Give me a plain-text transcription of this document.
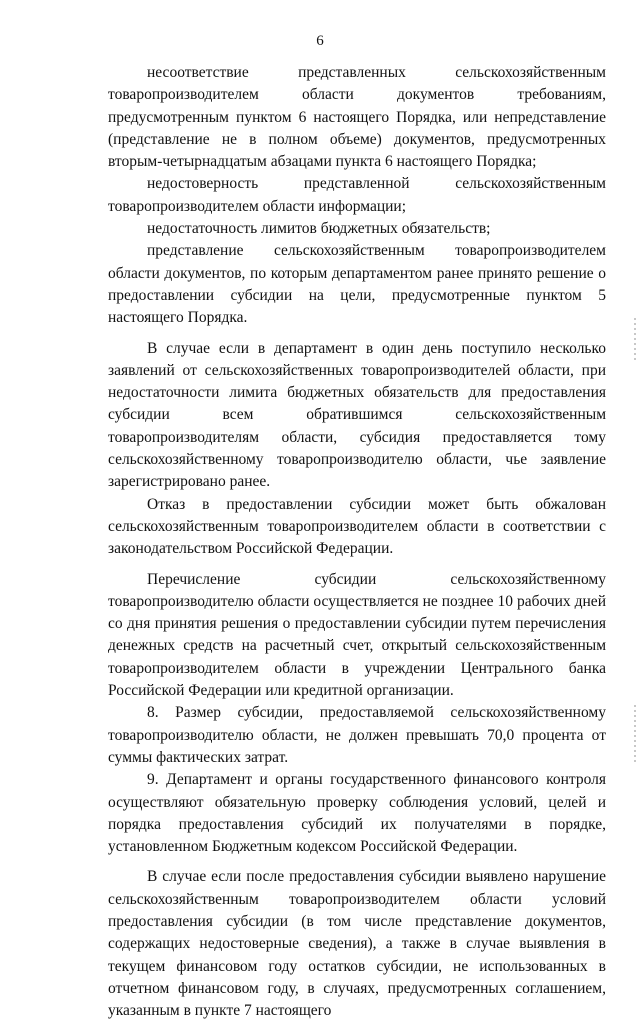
6

несоответствие представленных сельскохозяйственным товаропроизводителем области документов требованиям, предусмотренным пунктом 6 настоящего Порядка, или непредставление (представление не в полном объеме) документов, предусмотренных вторым-четырнадцатым абзацами пункта 6 настоящего Порядка;

недостоверность представленной сельскохозяйственным товаропроизводителем области информации;

недостаточность лимитов бюджетных обязательств;

представление сельскохозяйственным товаропроизводителем области документов, по которым департаментом ранее принято решение о предоставлении субсидии на цели, предусмотренные пунктом 5 настоящего Порядка.

В случае если в департамент в один день поступило несколько заявлений от сельскохозяйственных товаропроизводителей области, при недостаточности лимита бюджетных обязательств для предоставления субсидии всем обратившимся сельскохозяйственным товаропроизводителям области, субсидия предоставляется тому сельскохозяйственному товаропроизводителю области, чье заявление зарегистрировано ранее.

Отказ в предоставлении субсидии может быть обжалован сельскохозяйственным товаропроизводителем области в соответствии с законодательством Российской Федерации.

Перечисление субсидии сельскохозяйственному товаропроизводителю области осуществляется не позднее 10 рабочих дней со дня принятия решения о предоставлении субсидии путем перечисления денежных средств на расчетный счет, открытый сельскохозяйственным товаропроизводителем области в учреждении Центрального банка Российской Федерации или кредитной организации.

8. Размер субсидии, предоставляемой сельскохозяйственному товаропроизводителю области, не должен превышать 70,0 процента от суммы фактических затрат.

9. Департамент и органы государственного финансового контроля осуществляют обязательную проверку соблюдения условий, целей и порядка предоставления субсидий их получателями в порядке, установленном Бюджетным кодексом Российской Федерации.

В случае если после предоставления субсидии выявлено нарушение сельскохозяйственным товаропроизводителем области условий предоставления субсидии (в том числе представление документов, содержащих недостоверные сведения), а также в случае выявления в текущем финансовом году остатков субсидии, не использованных в отчетном финансовом году, в случаях, предусмотренных соглашением, указанным в пункте 7 настоящего
